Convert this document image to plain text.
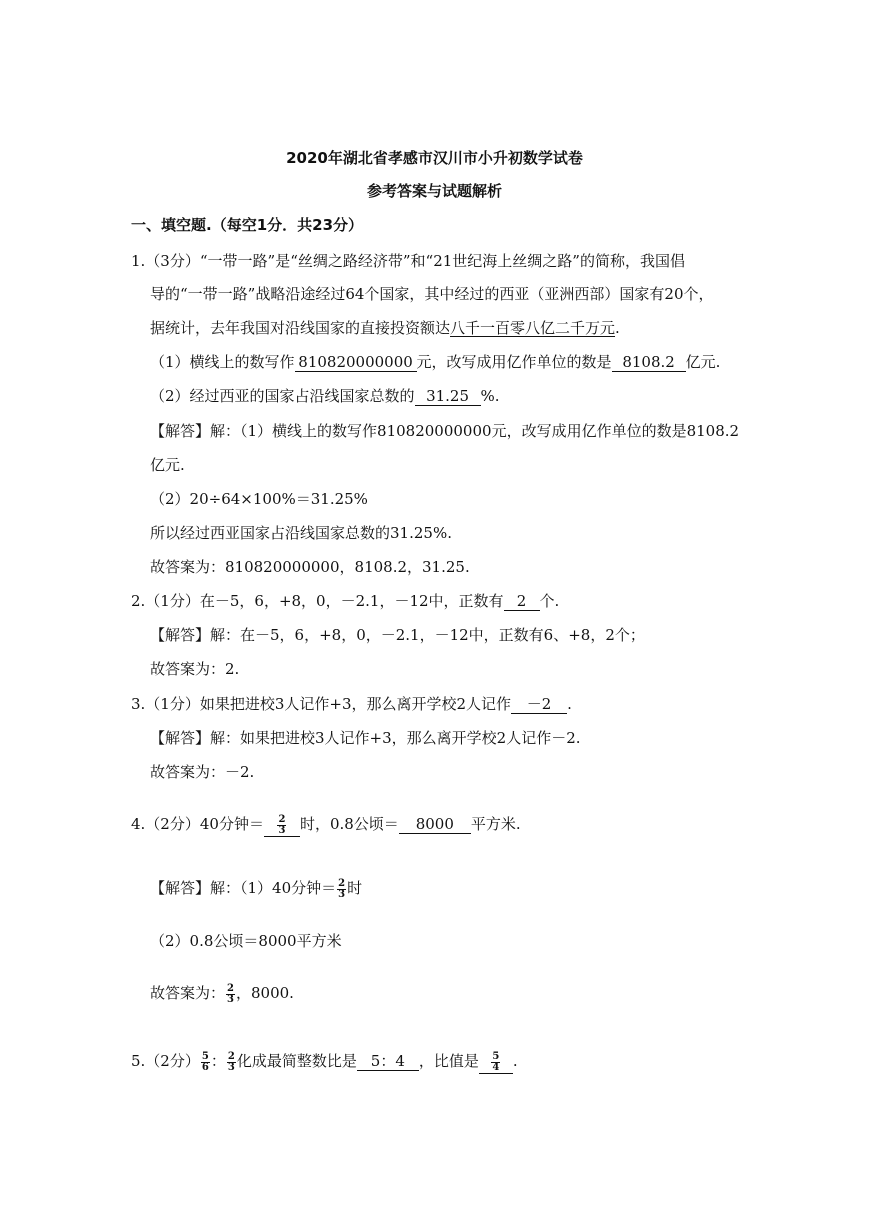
2020年湖北省孝感市汉川市小升初数学试卷
参考答案与试题解析
一、填空题.（每空1分．共23分）
1.（3分）“一带一路”是“丝绸之路经济带”和“21世纪海上丝绸之路”的简称，我国倡
导的“一带一路”战略沿途经过64个国家，其中经过的西亚（亚洲西部）国家有20个，
据统计，去年我国对沿线国家的直接投资额达八千一百零八亿二千万元.
（1）横线上的数写作 810820000000 元，改写成用亿作单位的数是 8108.2 亿元.
（2）经过西亚的国家占沿线国家总数的 31.25 %.
【解答】解：（1）横线上的数写作810820000000元，改写成用亿作单位的数是8108.2
亿元.
（2）20÷64×100%＝31.25%
所以经过西亚国家占沿线国家总数的31.25%.
故答案为：810820000000，8108.2，31.25.
2.（1分）在－5，6，+8，0，－2.1，－12中，正数有 2 个.
【解答】解：在－5，6，+8，0，－2.1，－12中，正数有6、+8，2个；
故答案为：2.
3.（1分）如果把进校3人记作+3，那么离开学校2人记作 －2 .
【解答】解：如果把进校3人记作+3，那么离开学校2人记作－2.
故答案为：－2.
4.（2分）40分钟＝ $\frac{2}{3}$ 时，0.8公顷＝ 8000 平方米.
【解答】解：（1）40分钟＝ $\frac{2}{3}$ 时
（2）0.8公顷＝8000平方米
故答案为： $\frac{2}{3}$ ，8000.
5.（2分） $\frac{5}{6}$ ： $\frac{2}{3}$ 化成最简整数比是 5：4 ，比值是 $\frac{5}{4}$ .
